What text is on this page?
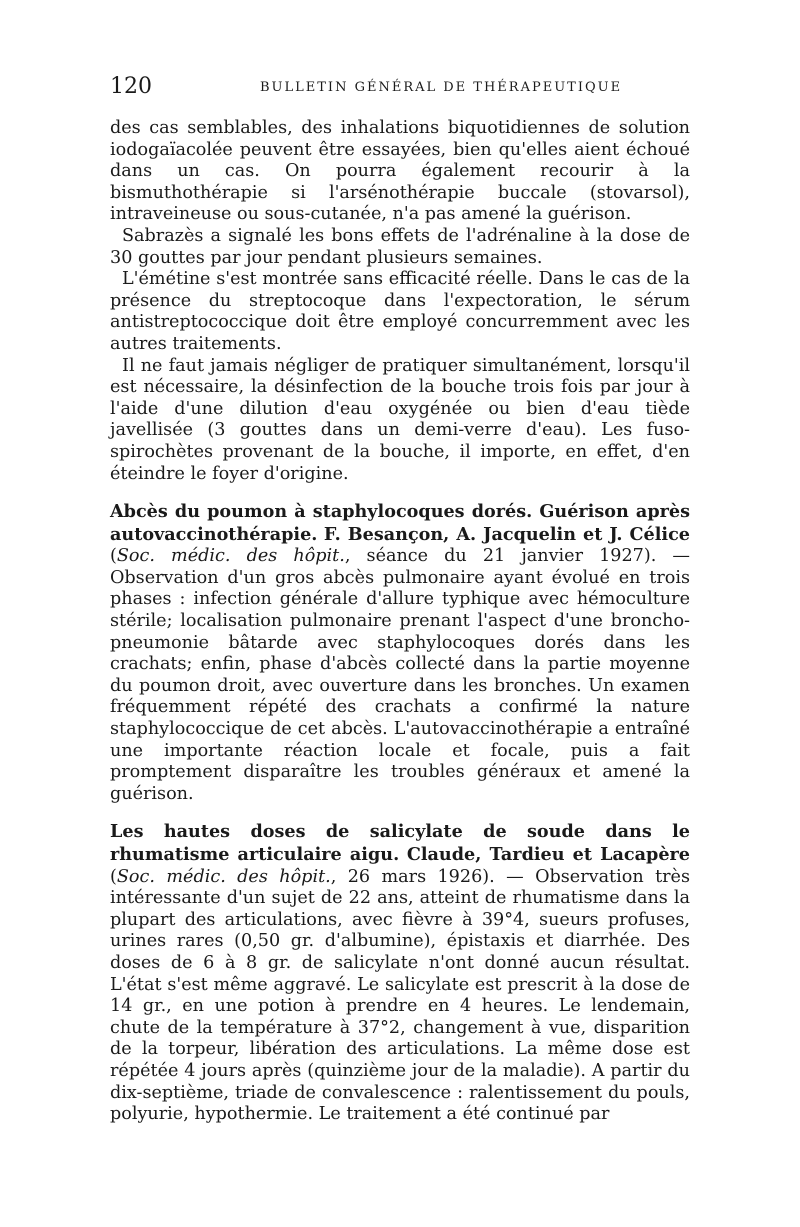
120	BULLETIN GÉNÉRAL DE THÉRAPEUTIQUE

des cas semblables, des inhalations biquotidiennes de solution iodogaïacolée peuvent être essayées, bien qu'elles aient échoué dans un cas. On pourra également recourir à la bismuthothérapie si l'arsénothérapie buccale (stovarsol), intraveineuse ou sous-cutanée, n'a pas amené la guérison.

Sabrazès a signalé les bons effets de l'adrénaline à la dose de 30 gouttes par jour pendant plusieurs semaines.

L'émétine s'est montrée sans efficacité réelle. Dans le cas de la présence du streptocoque dans l'expectoration, le sérum antistreptococcique doit être employé concurremment avec les autres traitements.

Il ne faut jamais négliger de pratiquer simultanément, lorsqu'il est nécessaire, la désinfection de la bouche trois fois par jour à l'aide d'une dilution d'eau oxygénée ou bien d'eau tiède javellisée (3 gouttes dans un demi-verre d'eau). Les fuso-spirochètes provenant de la bouche, il importe, en effet, d'en éteindre le foyer d'origine.

Abcès du poumon à staphylocoques dorés. Guérison après autovaccinothérapie. F. Besançon, A. Jacquelin et J. Célice (Soc. médic. des hôpit., séance du 21 janvier 1927). — Observation d'un gros abcès pulmonaire ayant évolué en trois phases : infection générale d'allure typhique avec hémoculture stérile; localisation pulmonaire prenant l'aspect d'une broncho-pneumonie bâtarde avec staphylocoques dorés dans les crachats; enfin, phase d'abcès collecté dans la partie moyenne du poumon droit, avec ouverture dans les bronches. Un examen fréquemment répété des crachats a confirmé la nature staphylococcique de cet abcès. L'autovaccinothérapie a entraîné une importante réaction locale et focale, puis a fait promptement disparaître les troubles généraux et amené la guérison.

Les hautes doses de salicylate de soude dans le rhumatisme articulaire aigu. Claude, Tardieu et Lacapère (Soc. médic. des hôpit., 26 mars 1926). — Observation très intéressante d'un sujet de 22 ans, atteint de rhumatisme dans la plupart des articulations, avec fièvre à 39°4, sueurs profuses, urines rares (0,50 gr. d'albumine), épistaxis et diarrhée. Des doses de 6 à 8 gr. de salicylate n'ont donné aucun résultat. L'état s'est même aggravé. Le salicylate est prescrit à la dose de 14 gr., en une potion à prendre en 4 heures. Le lendemain, chute de la température à 37°2, changement à vue, disparition de la torpeur, libération des articulations. La même dose est répétée 4 jours après (quinzième jour de la maladie). A partir du dix-septième, triade de convalescence : ralentissement du pouls, polyurie, hypothermie. Le traitement a été continué par
